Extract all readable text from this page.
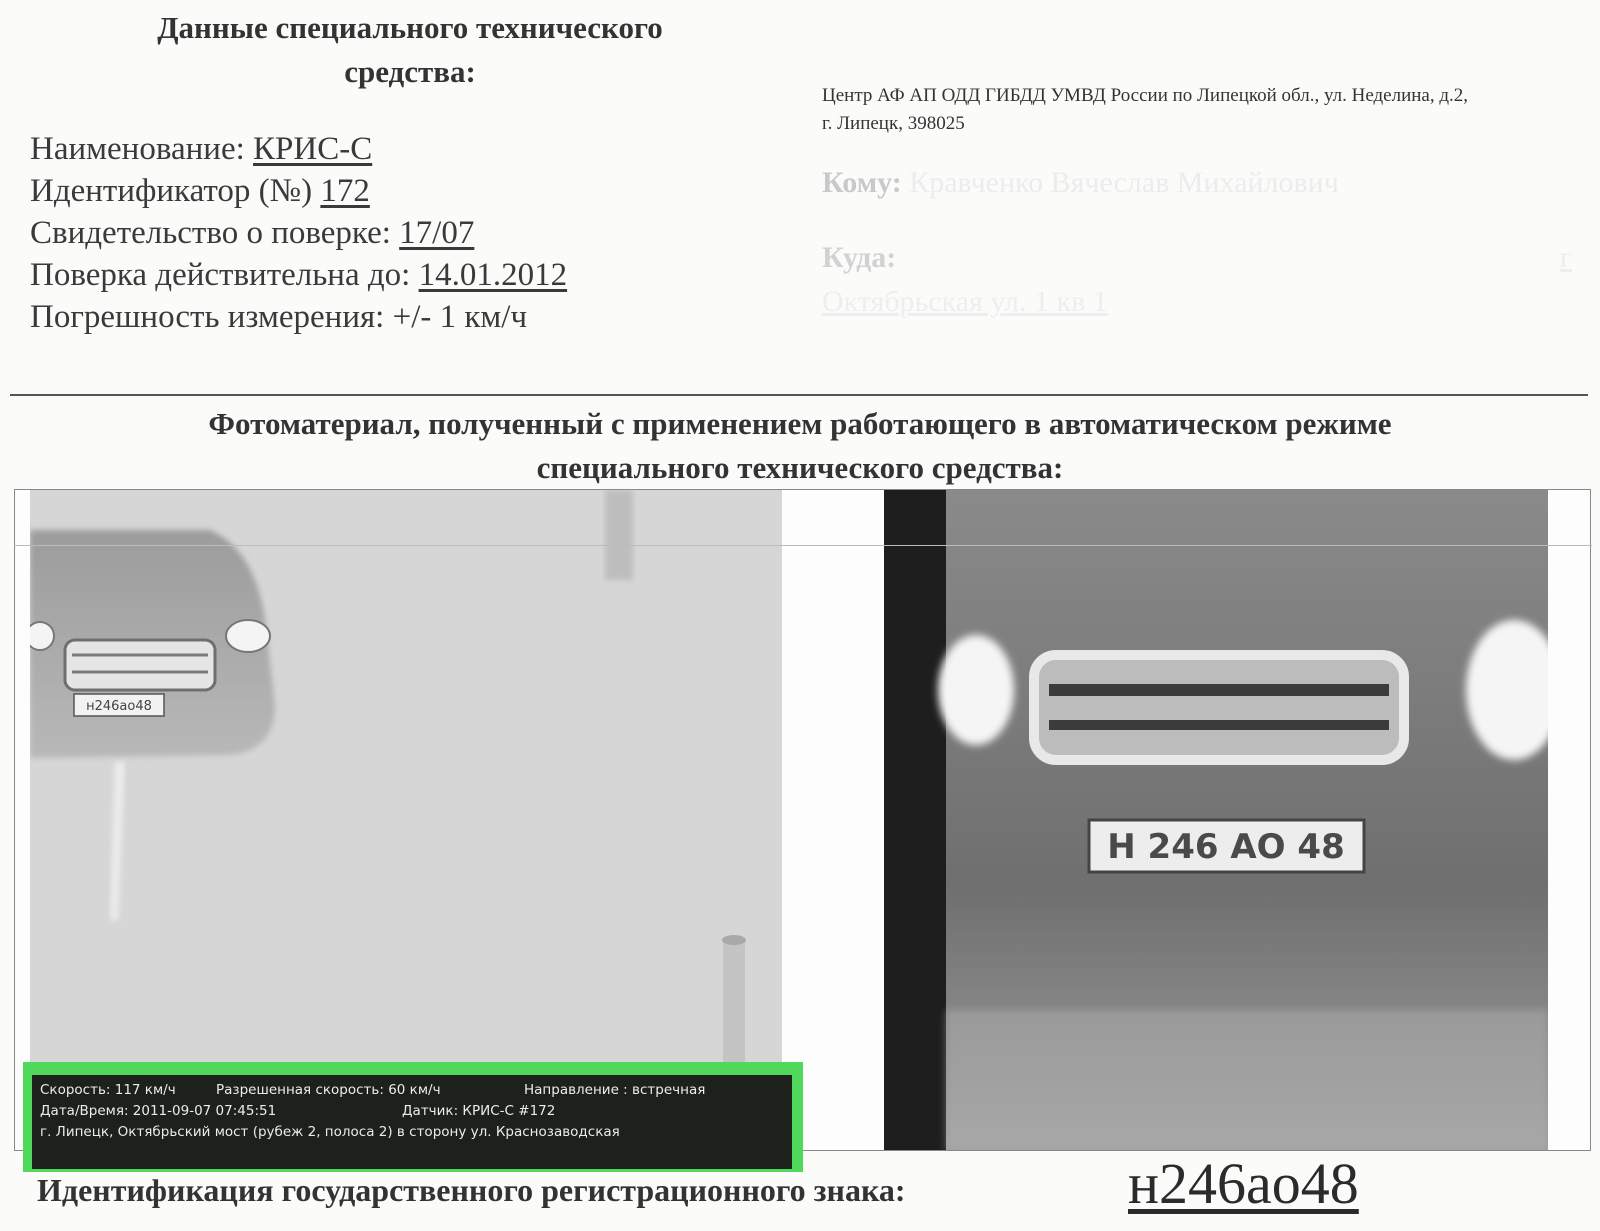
Данные специального технического
средства:
Наименование: КРИС-С
Идентификатор (№) 172
Свидетельство о поверке: 17/07
Поверка действительна до: 14.01.2012
Погрешность измерения: +/- 1 км/ч
Центр АФ АП ОДД ГИБДД УМВД России по Липецкой обл., ул. Неделина, д.2,
г. Липецк, 398025
Кому: Кравченко Вячеслав Михайлович
Куда:	г
Октябрьская ул. 1 кв 1
Фотоматериал, полученный с применением работающего в автоматическом режиме
специального технического средства:
н246ао48
Н 246 АО 48
Скорость: 117 км/ч	Разрешенная скорость: 60 км/ч	Направление : встречная
Дата/Время: 2011-09-07 07:45:51	Датчик: КРИС-С #172
г. Липецк, Октябрьский мост (рубеж 2, полоса 2) в сторону ул. Краснозаводская
Идентификация государственного регистрационного знака:	н246ао48
